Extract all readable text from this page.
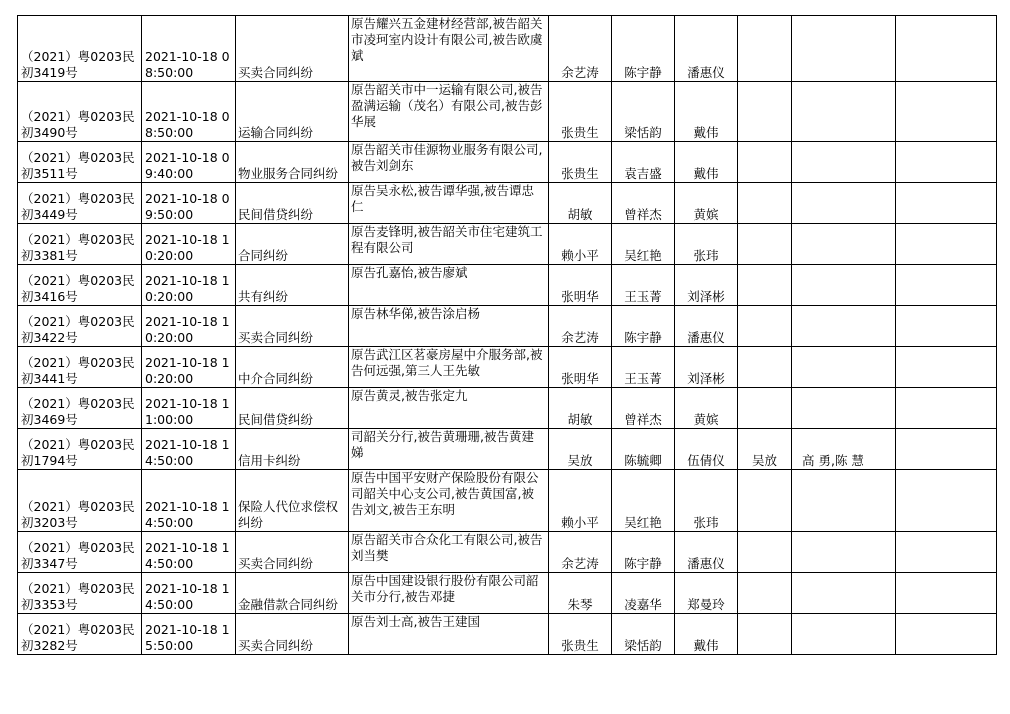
（2021）粤0203民初3419号	2021-10-18 08:50:00	买卖合同纠纷	原告耀兴五金建材经营部,被告韶关市凌珂室内设计有限公司,被告欧虞斌	余艺涛	陈宇静	潘惠仪			
（2021）粤0203民初3490号	2021-10-18 08:50:00	运输合同纠纷	原告韶关市中一运输有限公司,被告盈满运输（茂名）有限公司,被告彭华展	张贵生	梁恬韵	戴伟			
（2021）粤0203民初3511号	2021-10-18 09:40:00	物业服务合同纠纷	原告韶关市佳源物业服务有限公司,被告刘剑东	张贵生	袁吉盛	戴伟			
（2021）粤0203民初3449号	2021-10-18 09:50:00	民间借贷纠纷	原告吴永松,被告谭华强,被告谭忠仁	胡敏	曾祥杰	黄嫔			
（2021）粤0203民初3381号	2021-10-18 10:20:00	合同纠纷	原告麦锋明,被告韶关市住宅建筑工程有限公司	赖小平	吴红艳	张玮			
（2021）粤0203民初3416号	2021-10-18 10:20:00	共有纠纷	原告孔嘉怡,被告廖斌	张明华	王玉菁	刘泽彬			
（2021）粤0203民初3422号	2021-10-18 10:20:00	买卖合同纠纷	原告林华俤,被告涂启杨	余艺涛	陈宇静	潘惠仪			
（2021）粤0203民初3441号	2021-10-18 10:20:00	中介合同纠纷	原告武江区茗豪房屋中介服务部,被告何远强,第三人王先敏	张明华	王玉菁	刘泽彬			
（2021）粤0203民初3469号	2021-10-18 11:00:00	民间借贷纠纷	原告黄灵,被告张定九	胡敏	曾祥杰	黄嫔			
（2021）粤0203民初1794号	2021-10-18 14:50:00	信用卡纠纷	司韶关分行,被告黄珊珊,被告黄建娣	吴放	陈毓卿	伍倩仪	吴放	高 勇,陈 慧	
（2021）粤0203民初3203号	2021-10-18 14:50:00	保险人代位求偿权纠纷	原告中国平安财产保险股份有限公司韶关中心支公司,被告黄国富,被告刘文,被告王东明	赖小平	吴红艳	张玮			
（2021）粤0203民初3347号	2021-10-18 14:50:00	买卖合同纠纷	原告韶关市合众化工有限公司,被告刘当樊	余艺涛	陈宇静	潘惠仪			
（2021）粤0203民初3353号	2021-10-18 14:50:00	金融借款合同纠纷	原告中国建设银行股份有限公司韶关市分行,被告邓捷	朱琴	凌嘉华	郑曼玲			
（2021）粤0203民初3282号	2021-10-18 15:50:00	买卖合同纠纷	原告刘士高,被告王建国	张贵生	梁恬韵	戴伟			
